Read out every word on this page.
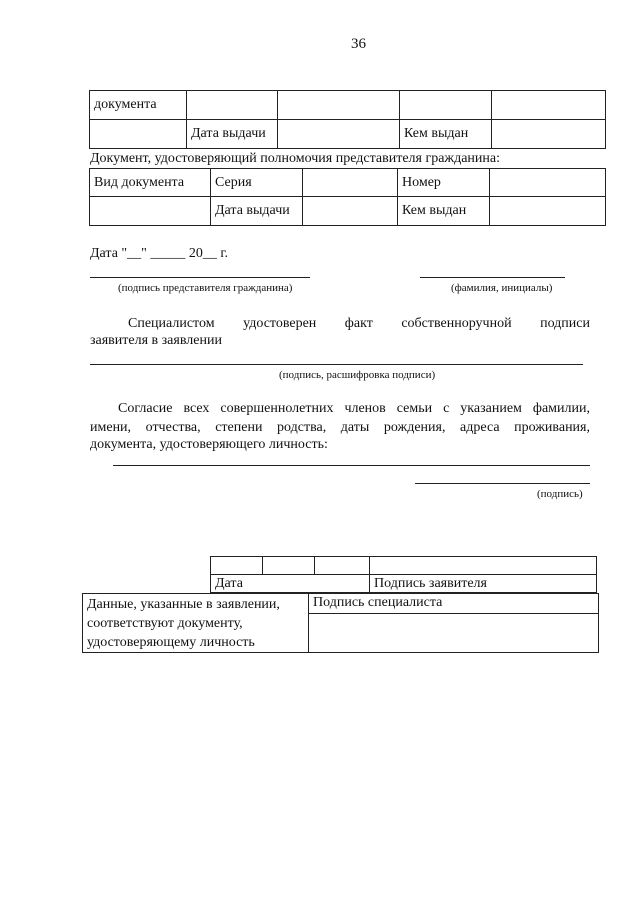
36
документа				
	Дата выдачи		Кем выдан	
Документ, удостоверяющий полномочия представителя гражданина:
Вид документа	Серия		Номер	
	Дата выдачи		Кем выдан	
Дата "__" _____ 20__ г.
(подпись представителя гражданина)	(фамилия, инициалы)
Специалистом удостоверен факт собственноручной подписи
заявителя в заявлении
(подпись, расшифровка подписи)
Согласие всех совершеннолетних членов семьи с указанием фамилии,
имени, отчества, степени родства, даты рождения, адреса проживания,
документа, удостоверяющего личность:
(подпись)

Дата			Подпись заявителя
Данные, указанные в заявлении,
соответствуют документу,
удостоверяющему личность	Подпись специалиста
